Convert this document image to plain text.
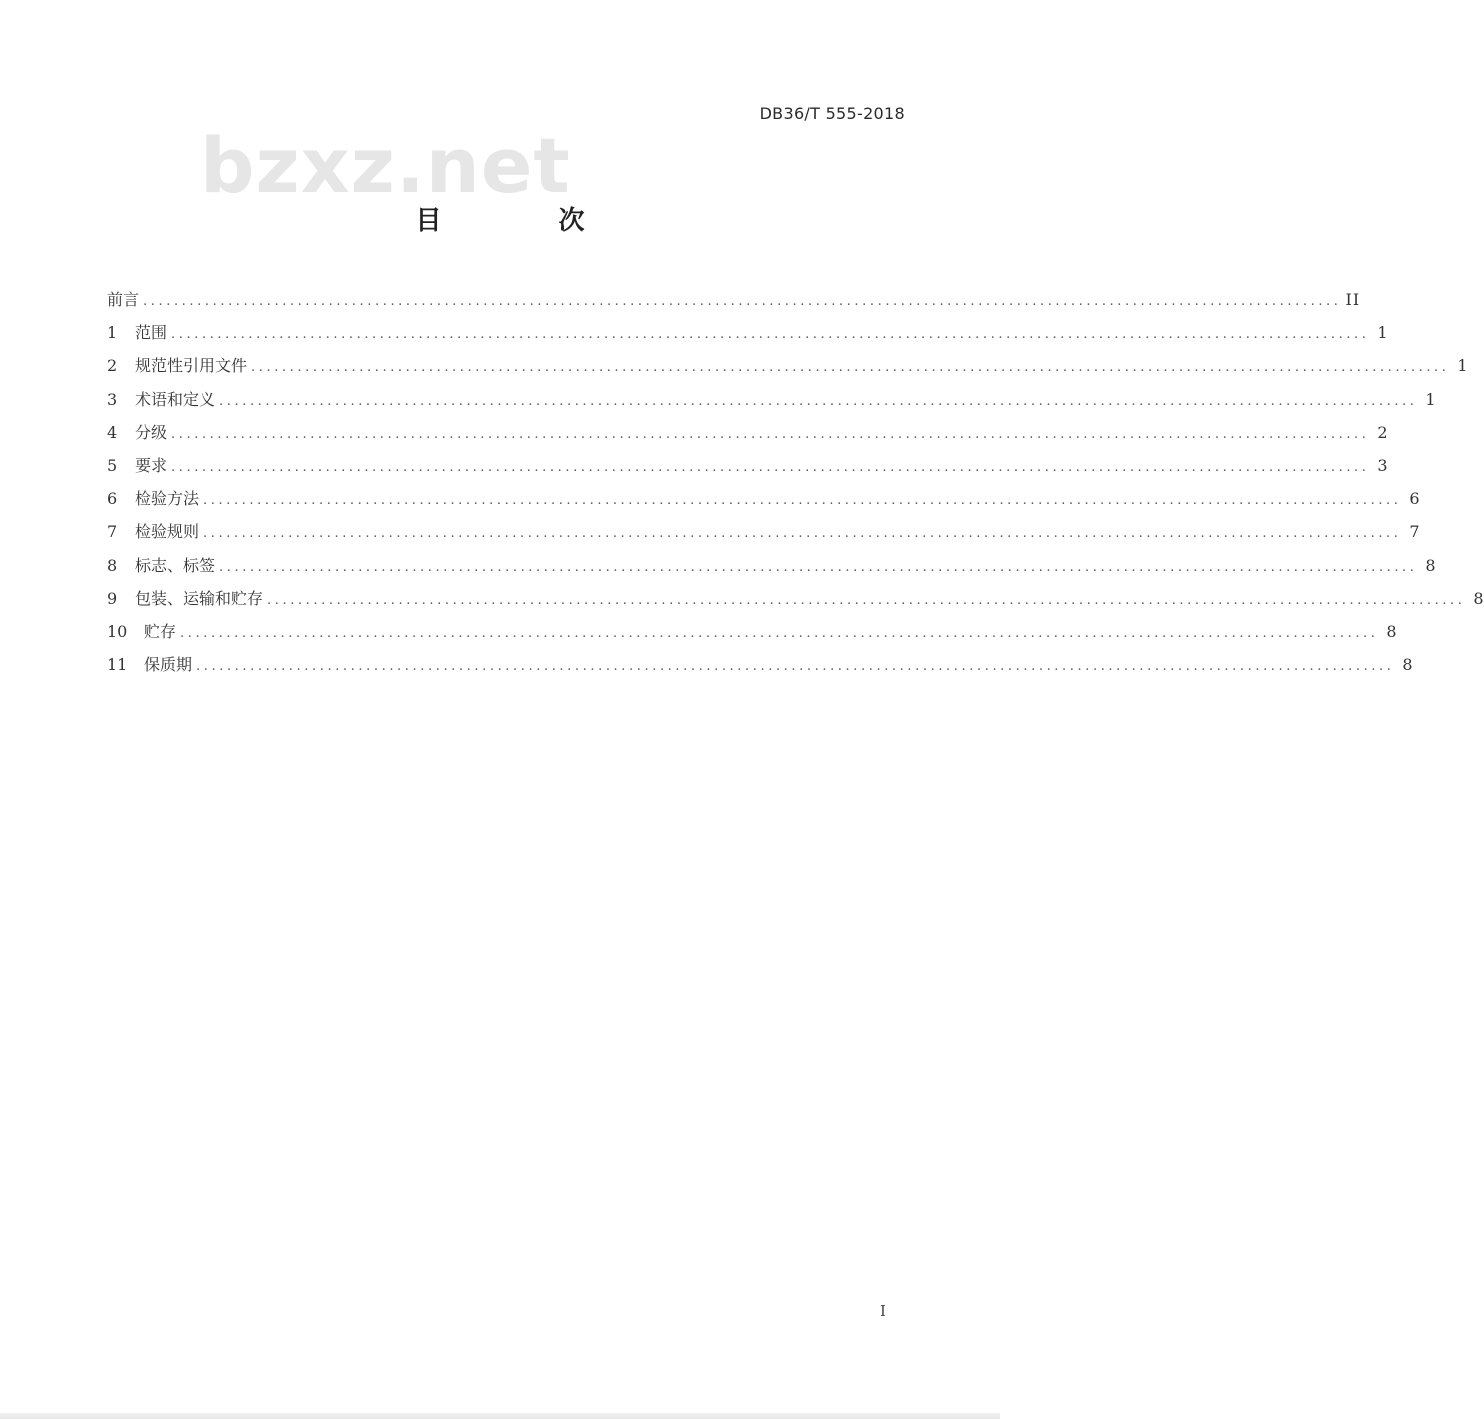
DB36/T 555-2018
bzxz.net
目 次
前言 ........................................................................................................................................................... II
1	范围 ........................................................................................................................................................... 1
2	规范性引用文件 ........................................................................................................................................................... 1
3	术语和定义 ........................................................................................................................................................... 1
4	分级 ........................................................................................................................................................... 2
5	要求 ........................................................................................................................................................... 3
6	检验方法 ........................................................................................................................................................... 6
7	检验规则 ........................................................................................................................................................... 7
8	标志、标签 ........................................................................................................................................................... 8
9	包装、运输和贮存 ........................................................................................................................................................... 8
10	贮存 ........................................................................................................................................................... 8
11	保质期 ........................................................................................................................................................... 8
I
